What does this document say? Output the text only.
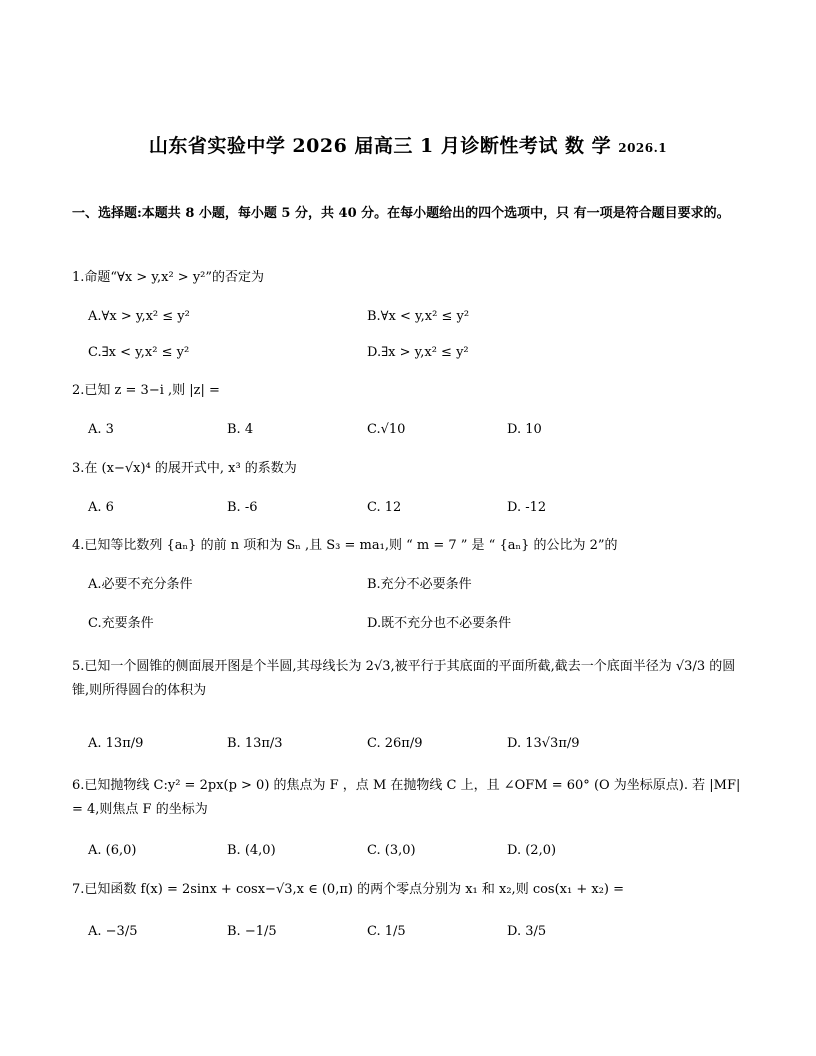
山东省实验中学 2026 届高三 1 月诊断性考试 数 学 2026.1
一、选择题:本题共 8 小题，每小题 5 分，共 40 分。在每小题给出的四个选项中，只 有一项是符合题目要求的。
1.命题“∀x > y,x² > y²”的否定为
A.∀x > y,x² ≤ y²	B.∀x < y,x² ≤ y²
C.∃x < y,x² ≤ y²	D.∃x > y,x² ≤ y²
2.已知 z = 3−i ,则 |z| =
A. 3	B. 4	C.√10	D. 10
3.在 (x−√x)⁴ 的展开式中, x³ 的系数为
A. 6	B. -6	C. 12	D. -12
4.已知等比数列 {aₙ} 的前 n 项和为 Sₙ ,且 S₃ = ma₁,则 “ m = 7 ” 是 “ {aₙ} 的公比为 2”的
A.必要不充分条件	B.充分不必要条件
C.充要条件	D.既不充分也不必要条件
5.已知一个圆锥的侧面展开图是个半圆,其母线长为 2√3,被平行于其底面的平面所截,截去一个底面半径为 √3/3 的圆锥,则所得圆台的体积为
A. 13π/9	B. 13π/3	C. 26π/9	D. 13√3π/9
6.已知抛物线 C:y² = 2px(p > 0) 的焦点为 F ，点 M 在抛物线 C 上，且 ∠OFM = 60° (O 为坐标原点). 若 |MF| = 4,则焦点 F 的坐标为
A. (6,0)	B. (4,0)	C. (3,0)	D. (2,0)
7.已知函数 f(x) = 2sinx + cosx−√3,x ∈ (0,π) 的两个零点分别为 x₁ 和 x₂,则 cos(x₁ + x₂) =
A. −3/5	B. −1/5	C. 1/5	D. 3/5
